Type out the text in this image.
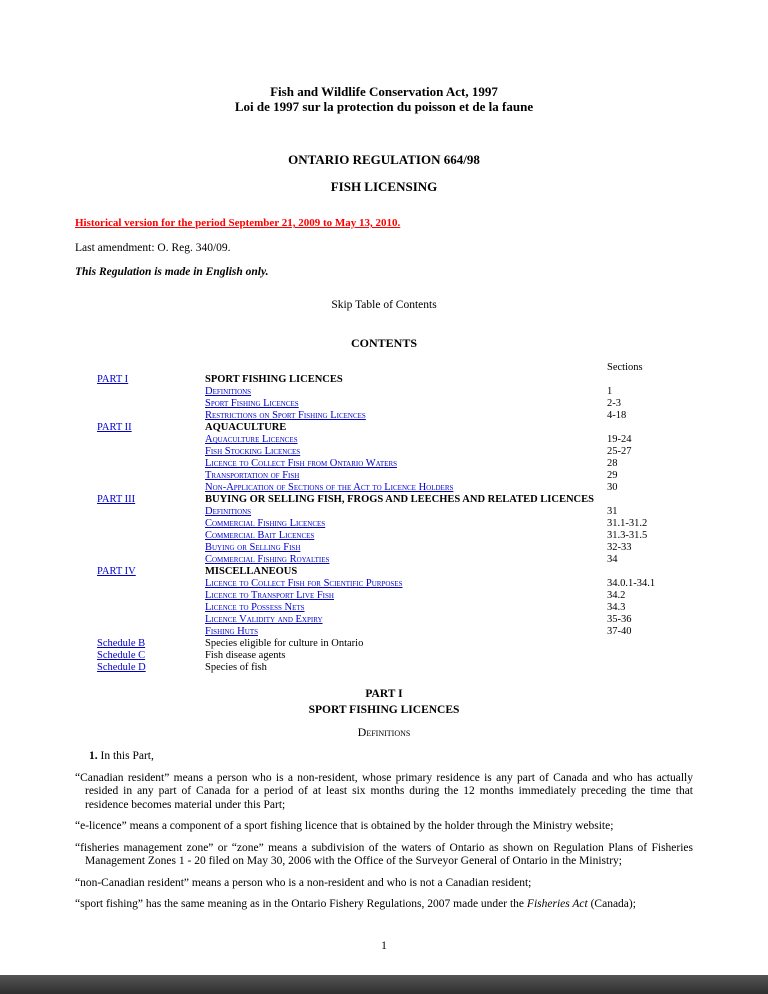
Fish and Wildlife Conservation Act, 1997
Loi de 1997 sur la protection du poisson et de la faune
ONTARIO REGULATION 664/98
FISH LICENSING
Historical version for the period September 21, 2009 to May 13, 2010.
Last amendment: O. Reg. 340/09.
This Regulation is made in English only.
Skip Table of Contents
CONTENTS
Sections
PART I	SPORT FISHING LICENCES
Definitions	1
Sport Fishing Licences	2-3
Restrictions on Sport Fishing Licences	4-18
PART II	AQUACULTURE
Aquaculture Licences	19-24
Fish Stocking Licences	25-27
Licence to Collect Fish from Ontario Waters	28
Transportation of Fish	29
Non-Application of Sections of the Act to Licence Holders	30
PART III	BUYING OR SELLING FISH, FROGS AND LEECHES AND RELATED LICENCES
Definitions	31
Commercial Fishing Licences	31.1-31.2
Commercial Bait Licences	31.3-31.5
Buying or Selling Fish	32-33
Commercial Fishing Royalties	34
PART IV	MISCELLANEOUS
Licence to Collect Fish for Scientific Purposes	34.0.1-34.1
Licence to Transport Live Fish	34.2
Licence to Possess Nets	34.3
Licence Validity and Expiry	35-36
Fishing Huts	37-40
Schedule B	Species eligible for culture in Ontario
Schedule C	Fish disease agents
Schedule D	Species of fish
PART I
SPORT FISHING LICENCES
Definitions

1. In this Part,

“Canadian resident” means a person who is a non-resident, whose primary residence is any part of Canada and who has actually resided in any part of Canada for a period of at least six months during the 12 months immediately preceding the time that residence becomes material under this Part;

“e-licence” means a component of a sport fishing licence that is obtained by the holder through the Ministry website;

“fisheries management zone” or “zone” means a subdivision of the waters of Ontario as shown on Regulation Plans of Fisheries Management Zones 1 - 20 filed on May 30, 2006 with the Office of the Surveyor General of Ontario in the Ministry;

“non-Canadian resident” means a person who is a non-resident and who is not a Canadian resident;

“sport fishing” has the same meaning as in the Ontario Fishery Regulations, 2007 made under the Fisheries Act (Canada);

1
